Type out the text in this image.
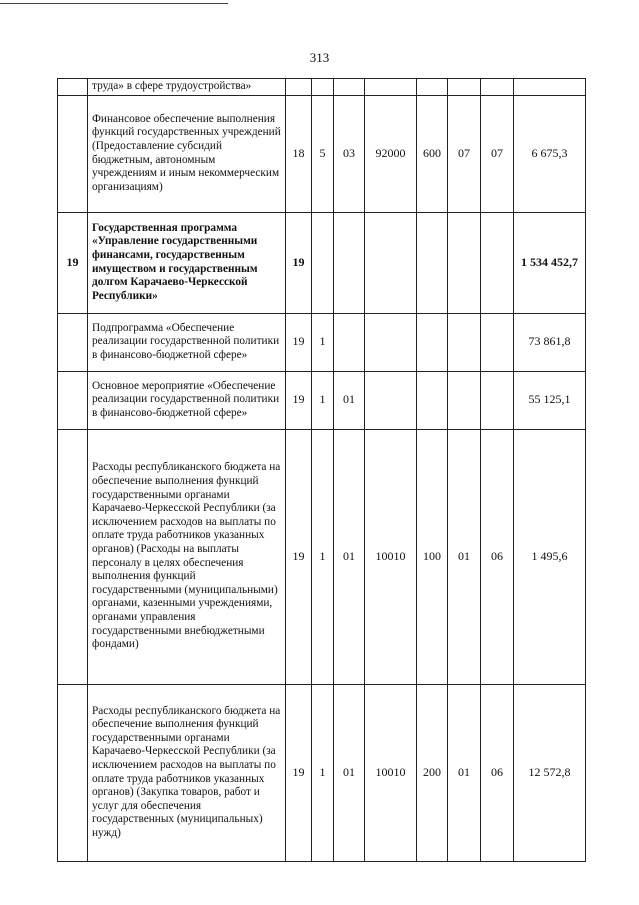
313
	труда» в сфере трудоустройства»								
	Финансовое обеспечение выполнения функций государственных учреждений (Предоставление субсидий бюджетным, автономным учреждениям и иным некоммерческим организациям)	18	5	03	92000	600	07	07	6 675,3
19	Государственная программа «Управление государственными финансами, государственным имуществом и государственным долгом Карачаево-Черкесской Республики»	19							1 534 452,7
	Подпрограмма «Обеспечение реализации государственной политики в финансово-бюджетной сфере»	19	1						73 861,8
	Основное мероприятие «Обеспечение реализации государственной политики в финансово-бюджетной сфере»	19	1	01					55 125,1
	Расходы республиканского бюджета на обеспечение выполнения функций государственными органами Карачаево-Черкесской Республики (за исключением расходов на выплаты по оплате труда работников указанных органов) (Расходы на выплаты персоналу в целях обеспечения выполнения функций государственными (муниципальными) органами, казенными учреждениями, органами управления государственными внебюджетными фондами)	19	1	01	10010	100	01	06	1 495,6
	Расходы республиканского бюджета на обеспечение выполнения функций государственными органами Карачаево-Черкесской Республики (за исключением расходов на выплаты по оплате труда работников указанных органов) (Закупка товаров, работ и услуг для обеспечения государственных (муниципальных) нужд)	19	1	01	10010	200	01	06	12 572,8
